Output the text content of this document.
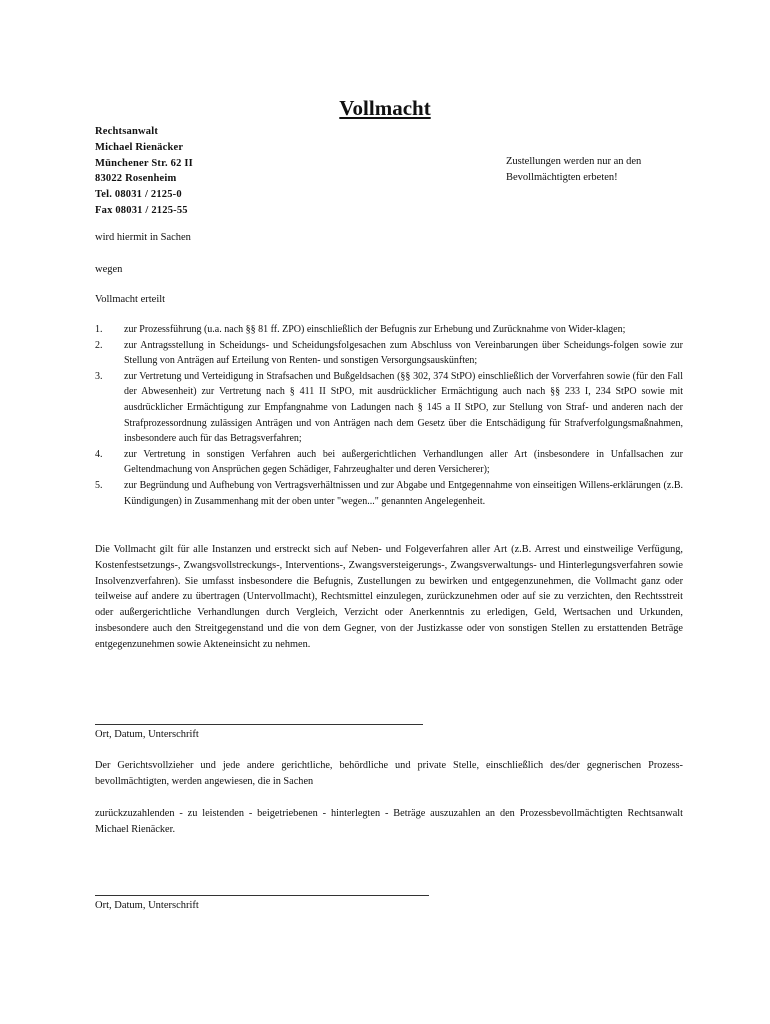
Vollmacht
Rechtsanwalt
Michael Rienäcker
Münchener Str. 62 II
83022 Rosenheim
Tel. 08031 / 2125-0
Fax 08031 / 2125-55
Zustellungen werden nur an den
Bevollmächtigten erbeten!
wird hiermit in Sachen
wegen
Vollmacht erteilt
1. zur Prozessführung (u.a. nach §§ 81 ff. ZPO) einschließlich der Befugnis zur Erhebung und Zurücknahme von Wider-klagen;
2. zur Antragsstellung in Scheidungs- und Scheidungsfolgesachen zum Abschluss von Vereinbarungen über Scheidungs-folgen sowie zur Stellung von Anträgen auf Erteilung von Renten- und sonstigen Versorgungsauskünften;
3. zur Vertretung und Verteidigung in Strafsachen und Bußgeldsachen (§§ 302, 374 StPO) einschließlich der Vorverfahren sowie (für den Fall der Abwesenheit) zur Vertretung nach § 411 II StPO, mit ausdrücklicher Ermächtigung auch nach §§ 233 I, 234 StPO sowie mit ausdrücklicher Ermächtigung zur Empfangnahme von Ladungen nach § 145 a II StPO, zur Stellung von Straf- und anderen nach der Strafprozessordnung zulässigen Anträgen und von Anträgen nach dem Gesetz über die Entschädigung für Strafverfolgungsmaßnahmen, insbesondere auch für das Betragsverfahren;
4. zur Vertretung in sonstigen Verfahren auch bei außergerichtlichen Verhandlungen aller Art (insbesondere in Unfallsachen zur Geltendmachung von Ansprüchen gegen Schädiger, Fahrzeughalter und deren Versicherer);
5. zur Begründung und Aufhebung von Vertragsverhältnissen und zur Abgabe und Entgegennahme von einseitigen Willens-erklärungen (z.B. Kündigungen) in Zusammenhang mit der oben unter "wegen..." genannten Angelegenheit.

Die Vollmacht gilt für alle Instanzen und erstreckt sich auf Neben- und Folgeverfahren aller Art (z.B. Arrest und einstweilige Verfügung, Kostenfestsetzungs-, Zwangsvollstreckungs-, Interventions-, Zwangsversteigerungs-, Zwangsverwaltungs- und Hinterlegungsverfahren sowie Insolvenzverfahren). Sie umfasst insbesondere die Befugnis, Zustellungen zu bewirken und entgegenzunehmen, die Vollmacht ganz oder teilweise auf andere zu übertragen (Untervollmacht), Rechtsmittel einzulegen, zurückzunehmen oder auf sie zu verzichten, den Rechtsstreit oder außergerichtliche Verhandlungen durch Vergleich, Verzicht oder Anerkenntnis zu erledigen, Geld, Wertsachen und Urkunden, insbesondere auch den Streitgegenstand und die von dem Gegner, von der Justizkasse oder von sonstigen Stellen zu erstattenden Beträge entgegenzunehmen sowie Akteneinsicht zu nehmen.

Ort, Datum, Unterschrift

Der Gerichtsvollzieher und jede andere gerichtliche, behördliche und private Stelle, einschließlich des/der gegnerischen Prozess-bevollmächtigten, werden angewiesen, die in Sachen

zurückzuzahlenden - zu leistenden - beigetriebenen - hinterlegten - Beträge auszuzahlen an den Prozessbevollmächtigten Rechtsanwalt Michael Rienäcker.

Ort, Datum, Unterschrift
